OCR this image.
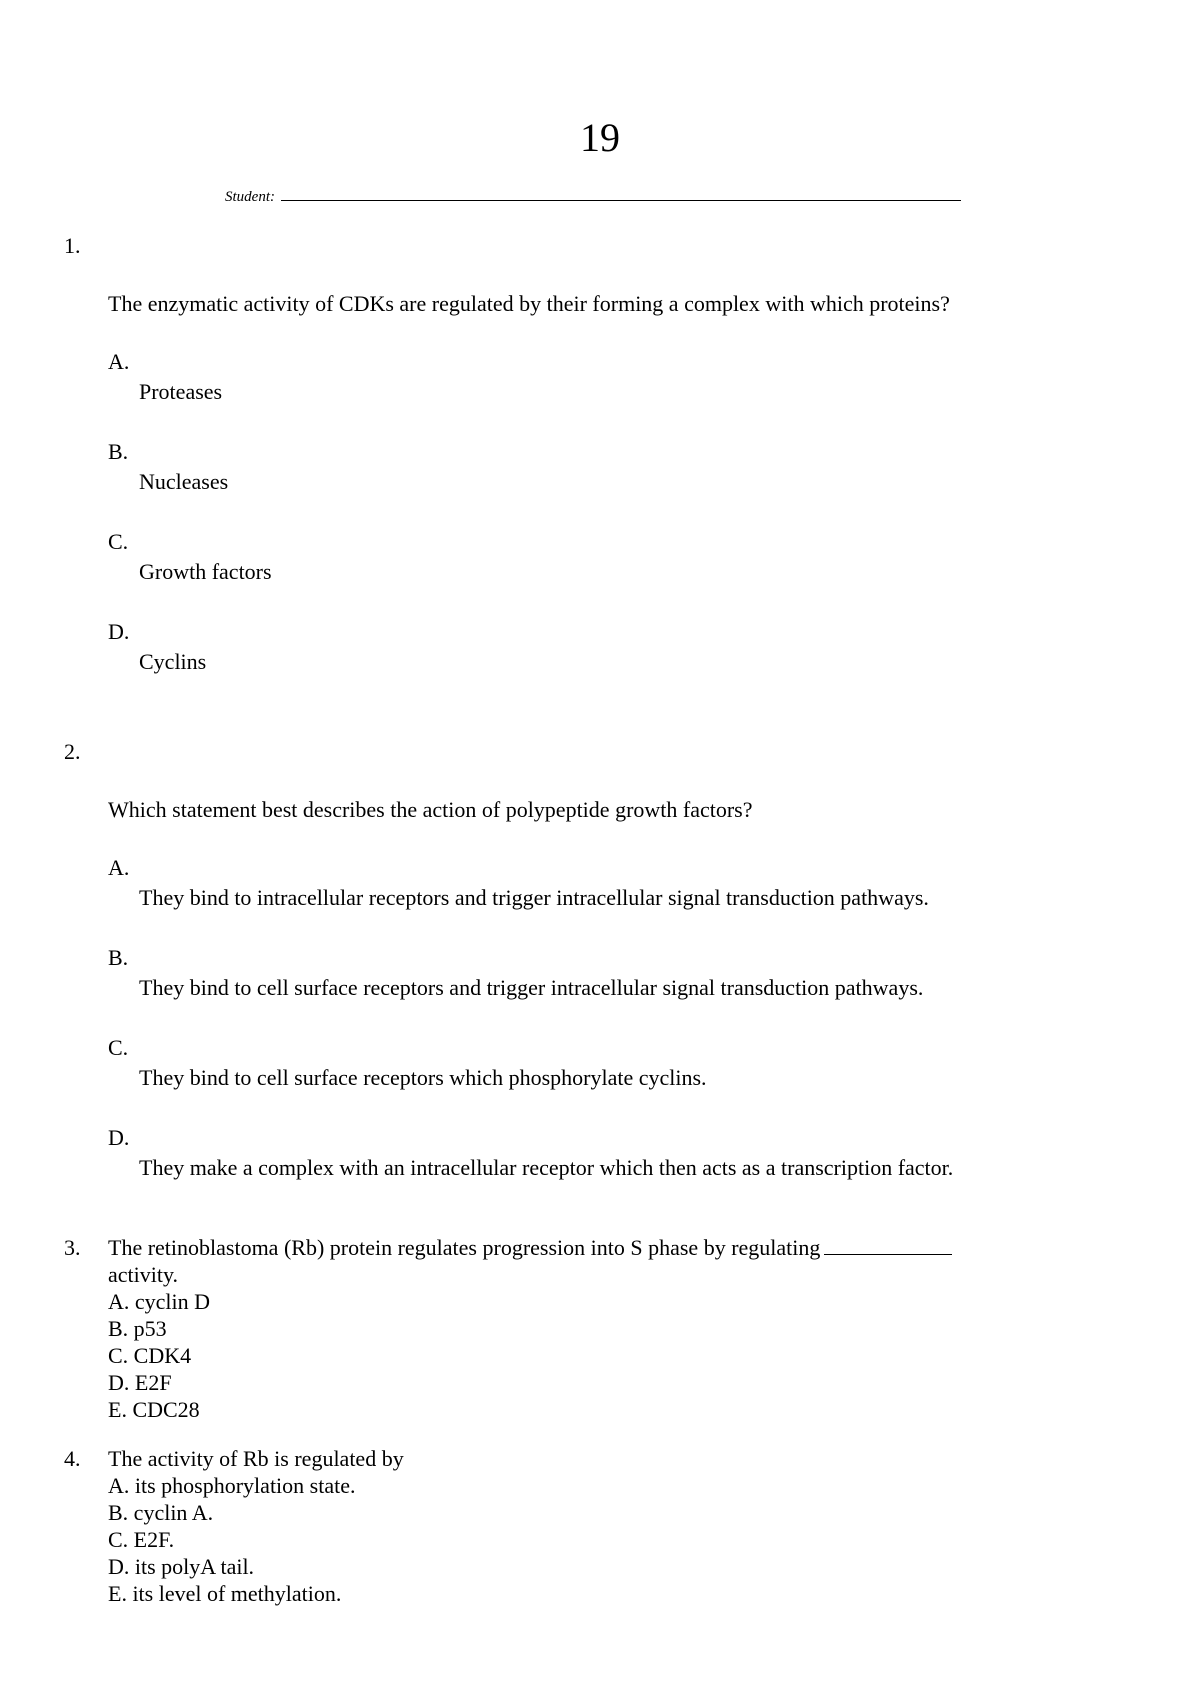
19
Student:
1.
The enzymatic activity of CDKs are regulated by their forming a complex with which proteins?
A.
Proteases
B.
Nucleases
C.
Growth factors
D.
Cyclins
2.
Which statement best describes the action of polypeptide growth factors?
A.
They bind to intracellular receptors and trigger intracellular signal transduction pathways.
B.
They bind to cell surface receptors and trigger intracellular signal transduction pathways.
C.
They bind to cell surface receptors which phosphorylate cyclins.
D.
They make a complex with an intracellular receptor which then acts as a transcription factor.
3. The retinoblastoma (Rb) protein regulates progression into S phase by regulating
activity.
A. cyclin D
B. p53
C. CDK4
D. E2F
E. CDC28
4. The activity of Rb is regulated by
A. its phosphorylation state.
B. cyclin A.
C. E2F.
D. its polyA tail.
E. its level of methylation.
